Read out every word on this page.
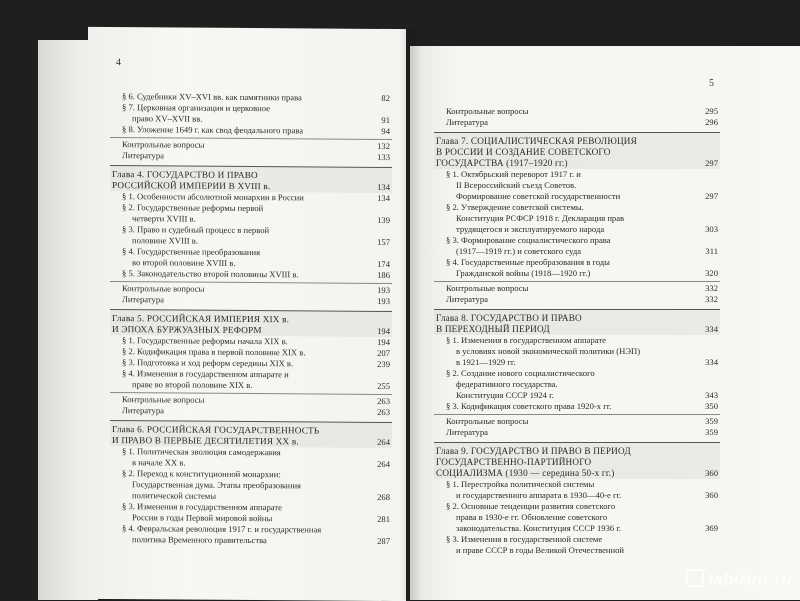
4
§ 6. Судебники XV–XVI вв. как памятники права	82
§ 7. Церковная организация и церковное
право XV–XVII вв.	91
§ 8. Уложение 1649 г. как свод феодального права	94
Контрольные вопросы	132
Литература	133
Глава 4. ГОСУДАРСТВО И ПРАВО
РОССИЙСКОЙ ИМПЕРИИ В XVIII в.	134
§ 1. Особенности абсолютной монархии в России	134
§ 2. Государственные реформы первой
четверти XVIII в.	139
§ 3. Право и судебный процесс в первой
половине XVIII в.	157
§ 4. Государственные преобразования
во второй половине XVIII в.	174
§ 5. Законодательство второй половины XVIII в.	186
Контрольные вопросы	193
Литература	193
Глава 5. РОССИЙСКАЯ ИМПЕРИЯ XIX в.
И ЭПОХА БУРЖУАЗНЫХ РЕФОРМ	194
§ 1. Государственные реформы начала XIX в.	194
§ 2. Кодификация права в первой половине XIX в.	207
§ 3. Подготовка и ход реформ середины XIX в.	239
§ 4. Изменения в государственном аппарате и
праве во второй половине XIX в.	255
Контрольные вопросы	263
Литература	263
Глава 6. РОССИЙСКАЯ ГОСУДАРСТВЕННОСТЬ
И ПРАВО В ПЕРВЫЕ ДЕСЯТИЛЕТИЯ XX в.	264
§ 1. Политическая эволюция самодержавия
в начале XX в.	264
§ 2. Переход к конституционной монархии:
Государственная дума. Этапы преобразования
политической системы	268
§ 3. Изменения в государственном аппарате
России в годы Первой мировой войны	281
§ 4. Февральская революция 1917 г. и государственная
политика Временного правительства	287
5
Контрольные вопросы	295
Литература	296
Глава 7. СОЦИАЛИСТИЧЕСКАЯ РЕВОЛЮЦИЯ
В РОССИИ И СОЗДАНИЕ СОВЕТСКОГО
ГОСУДАРСТВА (1917–1920 гг.)	297
§ 1. Октябрьский переворот 1917 г. и
II Всероссийский съезд Советов.
Формирование советской государственности	297
§ 2. Утверждение советской системы.
Конституция РСФСР 1918 г. Декларация прав
трудящегося и эксплуатируемого народа	303
§ 3. Формирование социалистического права
(1917—1919 гг.) и советского суда	311
§ 4. Государственные преобразования в годы
Гражданской войны (1918—1920 гг.)	320
Контрольные вопросы	332
Литература	332
Глава 8. ГОСУДАРСТВО И ПРАВО
В ПЕРЕХОДНЫЙ ПЕРИОД	334
§ 1. Изменения в государственном аппарате
в условиях новой экономической политики (НЭП)
в 1921—1929 гг.	334
§ 2. Создание нового социалистического
федеративного государства.
Конституция СССР 1924 г.	343
§ 3. Кодификация советского права 1920-х гг.	350
Контрольные вопросы	359
Литература	359
Глава 9. ГОСУДАРСТВО И ПРАВО В ПЕРИОД
ГОСУДАРСТВЕННО-ПАРТИЙНОГО
СОЦИАЛИЗМА (1930 — середина 50-х гг.)	360
§ 1. Перестройка политической системы
и государственного аппарата в 1930—40-е гг.	360
§ 2. Основные тенденции развития советского
права в 1930-е гг. Обновление советского
законодательства. Конституция СССР 1936 г.	369
§ 3. Изменения в государственной системе
и праве СССР в годы Великой Отечественной
labirint.ru
